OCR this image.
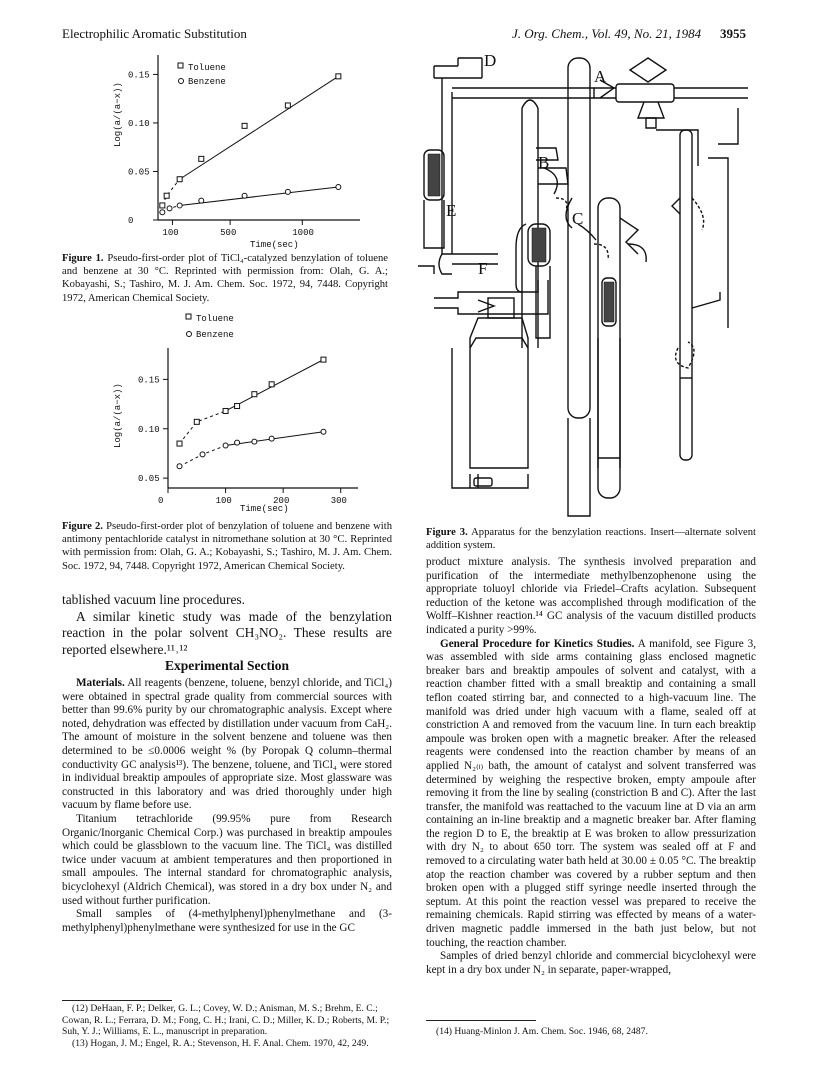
Electrophilic Aromatic Substitution	J. Org. Chem., Vol. 49, No. 21, 1984 3955
0.15
0.10
0.05
0
100	500	1000
Toluene
Benzene
Log(a/(a−x))
Time(sec)
Figure 1. Pseudo-first-order plot of TiCl₄-catalyzed benzylation of toluene and benzene at 30 °C. Reprinted with permission from: Olah, G. A.; Kobayashi, S.; Tashiro, M. J. Am. Chem. Soc. 1972, 94, 7448. Copyright 1972, American Chemical Society.
0.15
0.10
0.05
0	100	200	300
Toluene
Benzene
Log(a/(a−x))
Time(sec)
Figure 2. Pseudo-first-order plot of benzylation of toluene and benzene with antimony pentachloride catalyst in nitromethane solution at 30 °C. Reprinted with permission from: Olah, G. A.; Kobayashi, S.; Tashiro, M. J. Am. Chem. Soc. 1972, 94, 7448. Copyright 1972, American Chemical Society.

tablished vacuum line procedures.

A similar kinetic study was made of the benzylation reaction in the polar solvent CH₃NO₂. These results are reported elsewhere.¹¹˒¹²

Experimental Section

Materials. All reagents (benzene, toluene, benzyl chloride, and TiCl₄) were obtained in spectral grade quality from commercial sources with better than 99.6% purity by our chromatographic analysis. Except where noted, dehydration was effected by distillation under vacuum from CaH₂. The amount of moisture in the solvent benzene and toluene was then determined to be ≤0.0006 weight % (by Poropak Q column–thermal conductivity GC analysis¹³). The benzene, toluene, and TiCl₄ were stored in individual breaktip ampoules of appropriate size. Most glassware was constructed in this laboratory and was dried thoroughly under high vacuum by flame before use.

Titanium tetrachloride (99.95% pure from Research Organic/Inorganic Chemical Corp.) was purchased in breaktip ampoules which could be glassblown to the vacuum line. The TiCl₄ was distilled twice under vacuum at ambient temperatures and then proportioned in small ampoules. The internal standard for chromatographic analysis, bicyclohexyl (Aldrich Chemical), was stored in a dry box under N₂ and used without further purification.

Small samples of (4-methylphenyl)phenylmethane and (3-methylphenyl)phenylmethane were synthesized for use in the GC

(12) DeHaan, F. P.; Delker, G. L.; Covey, W. D.; Anisman, M. S.; Brehm, E. C.; Cowan, R. L.; Ferrara, D. M.; Fong, C. H.; Irani, C. D.; Miller, K. D.; Roberts, M. P.; Suh, Y. J.; Williams, E. L., manuscript in preparation.

(13) Hogan, J. M.; Engel, R. A.; Stevenson, H. F. Anal. Chem. 1970, 42, 249.

D
A
B
C
E
F
Figure 3. Apparatus for the benzylation reactions. Insert—alternate solvent addition system.

product mixture analysis. The synthesis involved preparation and purification of the intermediate methylbenzophenone using the appropriate toluoyl chloride via Friedel–Crafts acylation. Subsequent reduction of the ketone was accomplished through modification of the Wolff–Kishner reaction.¹⁴ GC analysis of the vacuum distilled products indicated a purity >99%.

General Procedure for Kinetics Studies. A manifold, see Figure 3, was assembled with side arms containing glass enclosed magnetic breaker bars and breaktip ampoules of solvent and catalyst, with a reaction chamber fitted with a small breaktip and containing a small teflon coated stirring bar, and connected to a high-vacuum line. The manifold was dried under high vacuum with a flame, sealed off at constriction A and removed from the vacuum line. In turn each breaktip ampoule was broken open with a magnetic breaker. After the released reagents were condensed into the reaction chamber by means of an applied N₂₍ₗ₎ bath, the amount of catalyst and solvent transferred was determined by weighing the respective broken, empty ampoule after removing it from the line by sealing (constriction B and C). After the last transfer, the manifold was reattached to the vacuum line at D via an arm containing an in-line breaktip and a magnetic breaker bar. After flaming the region D to E, the breaktip at E was broken to allow pressurization with dry N₂ to about 650 torr. The system was sealed off at F and removed to a circulating water bath held at 30.00 ± 0.05 °C. The breaktip atop the reaction chamber was covered by a rubber septum and then broken open with a plugged stiff syringe needle inserted through the septum. At this point the reaction vessel was prepared to receive the remaining chemicals. Rapid stirring was effected by means of a water-driven magnetic paddle immersed in the bath just below, but not touching, the reaction chamber.

Samples of dried benzyl chloride and commercial bicyclohexyl were kept in a dry box under N₂ in separate, paper-wrapped,

(14) Huang-Minlon J. Am. Chem. Soc. 1946, 68, 2487.
